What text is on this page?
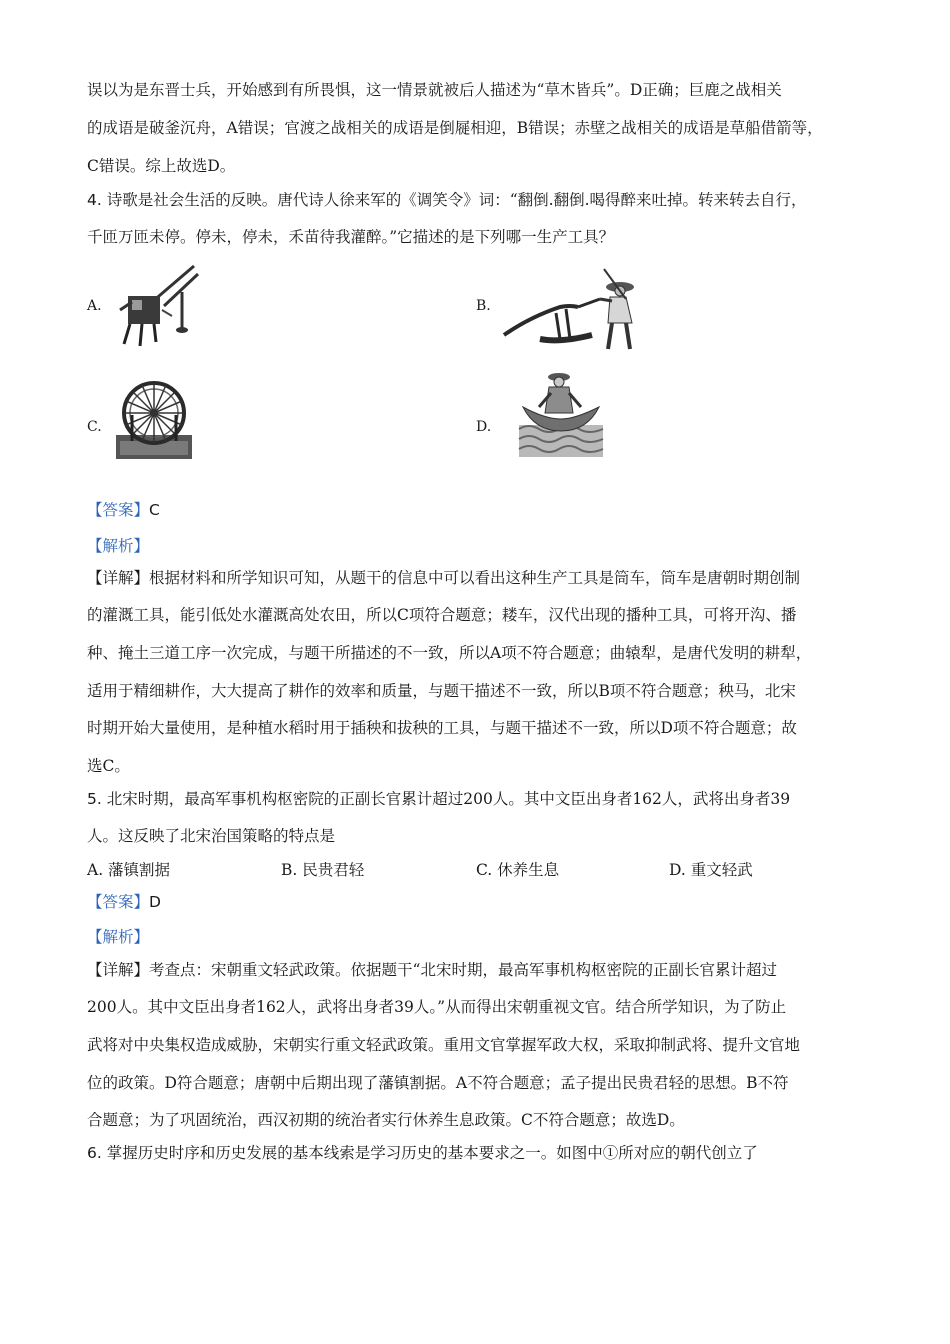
误以为是东晋士兵，开始感到有所畏惧，这一情景就被后人描述为“草木皆兵”。D正确；巨鹿之战相关
的成语是破釜沉舟，A错误；官渡之战相关的成语是倒屣相迎，B错误；赤壁之战相关的成语是草船借箭等，
C错误。综上故选D。
4. 诗歌是社会生活的反映。唐代诗人徐来军的《调笑令》词：“翻倒.翻倒.喝得醉来吐掉。转来转去自行，
千匝万匝未停。停未，停未，禾苗待我灌醉。”它描述的是下列哪一生产工具？
A.	B.
C.	D.
【答案】C
【解析】
【详解】根据材料和所学知识可知，从题干的信息中可以看出这种生产工具是筒车，筒车是唐朝时期创制
的灌溉工具，能引低处水灌溉高处农田，所以C项符合题意；耧车，汉代出现的播种工具，可将开沟、播
种、掩土三道工序一次完成，与题干所描述的不一致，所以A项不符合题意；曲辕犁，是唐代发明的耕犁，
适用于精细耕作，大大提高了耕作的效率和质量，与题干描述不一致，所以B项不符合题意；秧马，北宋
时期开始大量使用，是种植水稻时用于插秧和拔秧的工具，与题干描述不一致，所以D项不符合题意；故
选C。
5. 北宋时期，最高军事机构枢密院的正副长官累计超过200人。其中文臣出身者162人，武将出身者39
人。这反映了北宋治国策略的特点是
A. 藩镇割据	B. 民贵君轻	C. 休养生息	D. 重文轻武
【答案】D
【解析】
【详解】考查点：宋朝重文轻武政策。依据题干“北宋时期，最高军事机构枢密院的正副长官累计超过
200人。其中文臣出身者162人，武将出身者39人。”从而得出宋朝重视文官。结合所学知识，为了防止
武将对中央集权造成威胁，宋朝实行重文轻武政策。重用文官掌握军政大权，采取抑制武将、提升文官地
位的政策。D符合题意；唐朝中后期出现了藩镇割据。A不符合题意；孟子提出民贵君轻的思想。B不符
合题意；为了巩固统治，西汉初期的统治者实行休养生息政策。C不符合题意；故选D。
6. 掌握历史时序和历史发展的基本线索是学习历史的基本要求之一。如图中①所对应的朝代创立了
